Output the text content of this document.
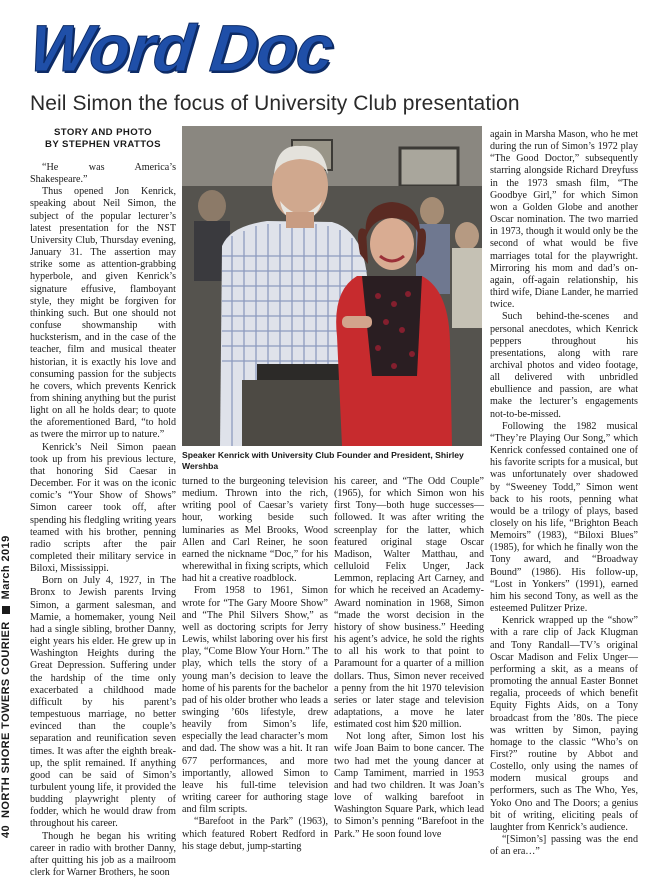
40NORTH SHORE TOWERS COURIERMarch 2019
Word Doc
Neil Simon the focus of University Club presentation
STORY AND PHOTO
BY STEPHEN VRATTOS

“He was America’s Shakespeare.”

Thus opened Jon Kenrick, speaking about Neil Simon, the subject of the popular lecturer’s latest presentation for the NST University Club, Thursday evening, January 31. The assertion may strike some as attention-grabbing hyperbole, and given Kenrick’s signature effusive, flamboyant style, they might be forgiven for thinking such. But one should not confuse showmanship with hucksterism, and in the case of the teacher, film and musical theater historian, it is exactly his love and consuming passion for the subjects he covers, which prevents Kenrick from shining anything but the purist light on all he holds dear; to quote the aforementioned Bard, “to hold as twere the mirror up to nature.”

Kenrick’s Neil Simon paean took up from his previous lecture, that honoring Sid Caesar in December. For it was on the iconic comic’s “Your Show of Shows” Simon career took off, after spending his fledgling writing years teamed with his brother, penning radio scripts after the pair completed their military service in Biloxi, Mississippi.

Born on July 4, 1927, in The Bronx to Jewish parents Irving Simon, a garment salesman, and Mamie, a homemaker, young Neil had a single sibling, brother Danny, eight years his elder. He grew up in Washington Heights during the Great Depression. Suffering under the hardship of the time only exacerbated a childhood made difficult by his parent’s tempestuous marriage, no better evinced than the couple’s separation and reunification seven times. It was after the eighth break-up, the split remained. If anything good can be said of Simon’s turbulent young life, it provided the budding playwright plenty of fodder, which he would draw from throughout his career.

Though he began his writing career in radio with brother Danny, after quitting his job as a mailroom clerk for Warner Brothers, he soon

Speaker Kenrick with University Club Founder and President, Shirley Wershba

turned to the burgeoning television medium. Thrown into the rich, writing pool of Caesar’s variety hour, working beside such luminaries as Mel Brooks, Wood Allen and Carl Reiner, he soon earned the nickname “Doc,” for his wherewithal in fixing scripts, which had hit a creative roadblock.

From 1958 to 1961, Simon wrote for “The Gary Moore Show” and “The Phil Silvers Show,” as well as doctoring scripts for Jerry Lewis, whilst laboring over his first play, “Come Blow Your Horn.” The play, which tells the story of a young man’s decision to leave the home of his parents for the bachelor pad of his older brother who leads a swinging ’60s lifestyle, drew heavily from Simon’s life, especially the lead character’s mom and dad. The show was a hit. It ran 677 performances, and more importantly, allowed Simon to leave his full-time television writing career for authoring stage and film scripts.

“Barefoot in the Park” (1963), which featured Robert Redford in his stage debut, jump-starting

his career, and “The Odd Couple” (1965), for which Simon won his first Tony—both huge successes—followed. It was after writing the screenplay for the latter, which featured original stage Oscar Madison, Walter Matthau, and celluloid Felix Unger, Jack Lemmon, replacing Art Carney, and for which he received an Academy-Award nomination in 1968, Simon “made the worst decision in the history of show business.” Heeding his agent’s advice, he sold the rights to all his work to that point to Paramount for a quarter of a million dollars. Thus, Simon never received a penny from the hit 1970 television series or later stage and television adaptations, a move he later estimated cost him $20 million.

Not long after, Simon lost his wife Joan Baim to bone cancer. The two had met the young dancer at Camp Tamiment, married in 1953 and had two children. It was Joan’s love of walking barefoot in Washington Square Park, which lead to Simon’s penning “Barefoot in the Park.” He soon found love

again in Marsha Mason, who he met during the run of Simon’s 1972 play “The Good Doctor,” subsequently starring alongside Richard Dreyfuss in the 1973 smash film, “The Goodbye Girl,” for which Simon won a Golden Globe and another Oscar nomination. The two married in 1973, though it would only be the second of what would be five marriages total for the playwright. Mirroring his mom and dad’s on-again, off-again relationship, his third wife, Diane Lander, he married twice.

Such behind-the-scenes and personal anecdotes, which Kenrick peppers throughout his presentations, along with rare archival photos and video footage, all delivered with unbridled ebullience and passion, are what make the lecturer’s engagements not-to-be-missed.

Following the 1982 musical “They’re Playing Our Song,” which Kenrick confessed contained one of his favorite scripts for a musical, but was unfortunately over shadowed by “Sweeney Todd,” Simon went back to his roots, penning what would be a trilogy of plays, based closely on his life, “Brighton Beach Memoirs” (1983), “Biloxi Blues” (1985), for which he finally won the Tony award, and “Broadway Bound” (1986). His follow-up, “Lost in Yonkers” (1991), earned him his second Tony, as well as the esteemed Pulitzer Prize.

Kenrick wrapped up the “show” with a rare clip of Jack Klugman and Tony Randall—TV’s original Oscar Madison and Felix Unger—performing a skit, as a means of promoting the annual Easter Bonnet regalia, proceeds of which benefit Equity Fights Aids, on a Tony broadcast from the ’80s. The piece was written by Simon, paying homage to the classic “Who’s on First?” routine by Abbot and Costello, only using the names of modern musical groups and performers, such as The Who, Yes, Yoko Ono and The Doors; a genius bit of writing, eliciting peals of laughter from Kenrick’s audience.

“[Simon’s] passing was the end of an era…”
